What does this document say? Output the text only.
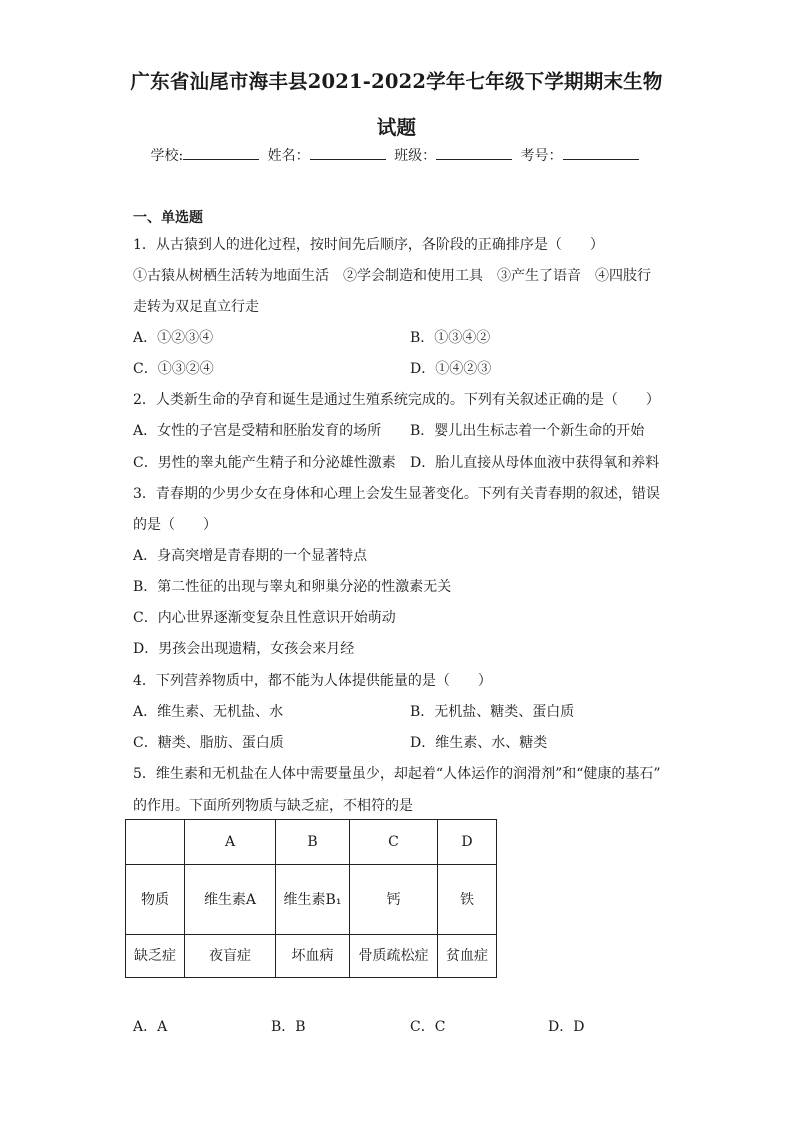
广东省汕尾市海丰县2021-2022学年七年级下学期期末生物
试题
学校:	姓名：	班级：	考号：
一、单选题
1．从古猿到人的进化过程，按时间先后顺序，各阶段的正确排序是（　　）
①古猿从树栖生活转为地面生活　②学会制造和使用工具　③产生了语音　④四肢行
走转为双足直立行走
A．①②③④	B．①③④②
C．①③②④	D．①④②③
2．人类新生命的孕育和诞生是通过生殖系统完成的。下列有关叙述正确的是（　　）
A．女性的子宫是受精和胚胎发育的场所 B．婴儿出生标志着一个新生命的开始
C．男性的睾丸能产生精子和分泌雄性激素 D．胎儿直接从母体血液中获得氧和养料
3．青春期的少男少女在身体和心理上会发生显著变化。下列有关青春期的叙述，错误
的是（　　）
A．身高突增是青春期的一个显著特点
B．第二性征的出现与睾丸和卵巢分泌的性激素无关
C．内心世界逐渐变复杂且性意识开始萌动
D．男孩会出现遗精，女孩会来月经
4．下列营养物质中，都不能为人体提供能量的是（　　）
A．维生素、无机盐、水	B．无机盐、糖类、蛋白质
C．糖类、脂肪、蛋白质	D．维生素、水、糖类
5．维生素和无机盐在人体中需要量虽少，却起着“人体运作的润滑剂”和“健康的基石”
的作用。下面所列物质与缺乏症，不相符的是
	A	B	C	D
物质	维生素A	维生素B₁	钙	铁
缺乏症	夜盲症	坏血病	骨质疏松症	贫血症
A．A	B．B	C．C	D．D
